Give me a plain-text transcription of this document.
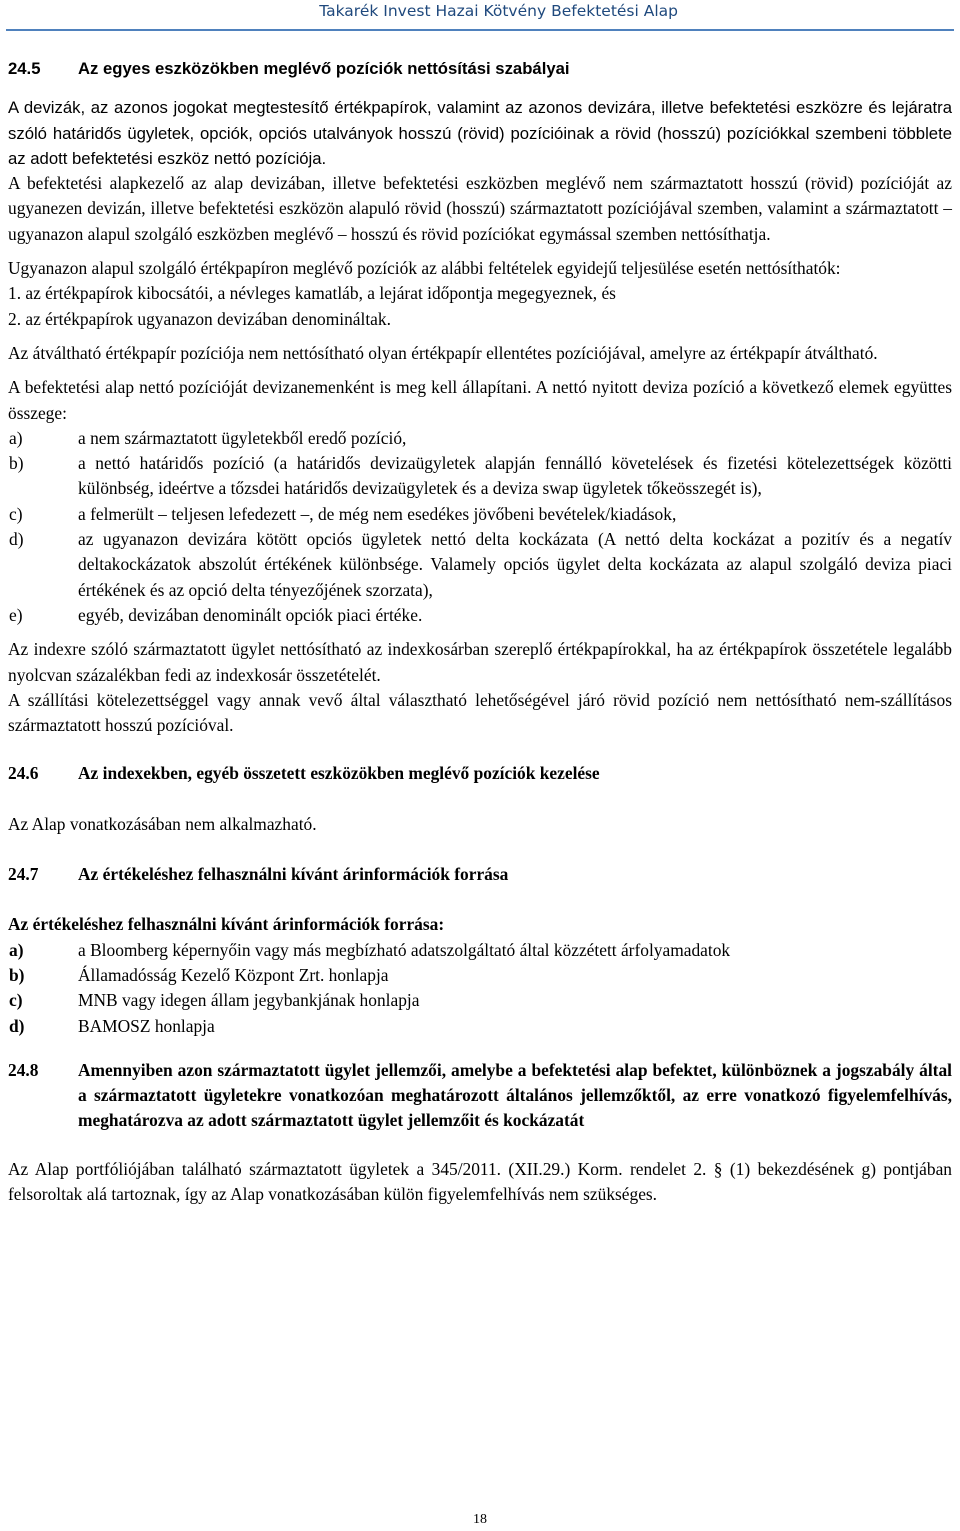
Takarék Invest Hazai Kötvény Befektetési Alap
24.5	Az egyes eszközökben meglévő pozíciók nettósítási szabályai

A devizák, az azonos jogokat megtestesítő értékpapírok, valamint az azonos devizára, illetve befektetési eszközre és lejáratra szóló határidős ügyletek, opciók, opciós utalványok hosszú (rövid) pozícióinak a rövid (hosszú) pozíciókkal szembeni többlete az adott befektetési eszköz nettó pozíciója.

A befektetési alapkezelő az alap devizában, illetve befektetési eszközben meglévő nem származtatott hosszú (rövid) pozícióját az ugyanezen devizán, illetve befektetési eszközön alapuló rövid (hosszú) származtatott pozíciójával szemben, valamint a származtatott – ugyanazon alapul szolgáló eszközben meglévő – hosszú és rövid pozíciókat egymással szemben nettósíthatja.

Ugyanazon alapul szolgáló értékpapíron meglévő pozíciók az alábbi feltételek egyidejű teljesülése esetén nettósíthatók:

1. az értékpapírok kibocsátói, a névleges kamatláb, a lejárat időpontja megegyeznek, és

2. az értékpapírok ugyanazon devizában denomináltak.

Az átváltható értékpapír pozíciója nem nettósítható olyan értékpapír ellentétes pozíciójával, amelyre az értékpapír átváltható.

A befektetési alap nettó pozícióját devizanemenként is meg kell állapítani. A nettó nyitott deviza pozíció a következő elemek együttes összege:

a)	a nem származtatott ügyletekből eredő pozíció,
b)	a nettó határidős pozíció (a határidős devizaügyletek alapján fennálló követelések és fizetési kötelezettségek közötti különbség, ideértve a tőzsdei határidős devizaügyletek és a deviza swap ügyletek tőkeösszegét is),
c)	a felmerült – teljesen lefedezett –, de még nem esedékes jövőbeni bevételek/kiadások,
d)	az ugyanazon devizára kötött opciós ügyletek nettó delta kockázata (A nettó delta kockázat a pozitív és a negatív deltakockázatok abszolút értékének különbsége. Valamely opciós ügylet delta kockázata az alapul szolgáló deviza piaci értékének és az opció delta tényezőjének szorzata),
e)	egyéb, devizában denominált opciók piaci értéke.

Az indexre szóló származtatott ügylet nettósítható az indexkosárban szereplő értékpapírokkal, ha az értékpapírok összetétele legalább nyolcvan százalékban fedi az indexkosár összetételét.

A szállítási kötelezettséggel vagy annak vevő által választható lehetőségével járó rövid pozíció nem nettósítható nem-szállításos származtatott hosszú pozícióval.

24.6	Az indexekben, egyéb összetett eszközökben meglévő pozíciók kezelése

Az Alap vonatkozásában nem alkalmazható.

24.7	Az értékeléshez felhasználni kívánt árinformációk forrása

Az értékeléshez felhasználni kívánt árinformációk forrása:

a)	a Bloomberg képernyőin vagy más megbízható adatszolgáltató által közzétett árfolyamadatok
b)	Államadósság Kezelő Központ Zrt. honlapja
c)	MNB vagy idegen állam jegybankjának honlapja
d)	BAMOSZ honlapja
24.8	Amennyiben azon származtatott ügylet jellemzői, amelybe a befektetési alap befektet, különböznek a jogszabály által a származtatott ügyletekre vonatkozóan meghatározott általános jellemzőktől, az erre vonatkozó figyelemfelhívás, meghatározva az adott származtatott ügylet jellemzőit és kockázatát

Az Alap portfóliójában található származtatott ügyletek a 345/2011. (XII.29.) Korm. rendelet 2. § (1) bekezdésének g) pontjában felsoroltak alá tartoznak, így az Alap vonatkozásában külön figyelemfelhívás nem szükséges.

18
